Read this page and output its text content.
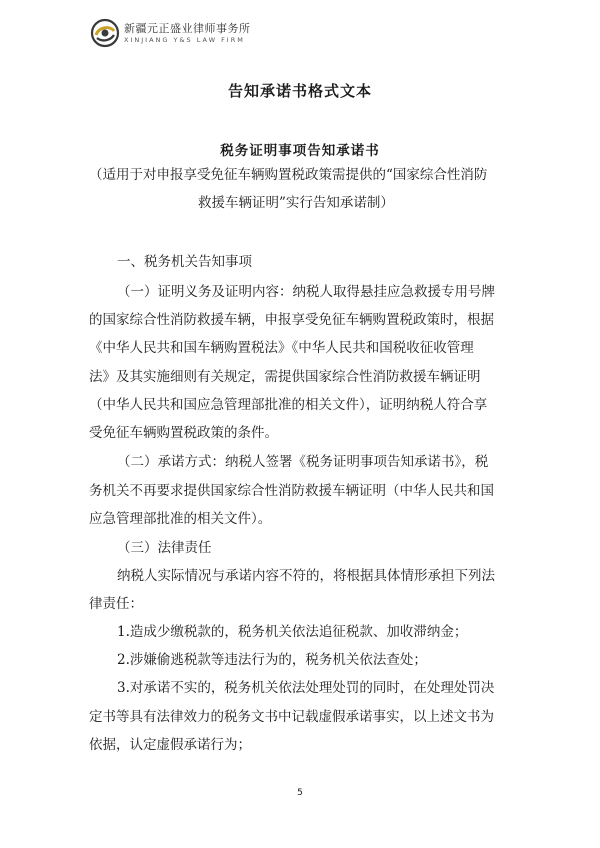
新疆元正盛业律师事务所
XINJIANG Y&S LAW FIRM
告知承诺书格式文本
税务证明事项告知承诺书
（适用于对申报享受免征车辆购置税政策需提供的“国家综合性消防
救援车辆证明”实行告知承诺制）
一、税务机关告知事项
（一）证明义务及证明内容：纳税人取得悬挂应急救援专用号牌
的国家综合性消防救援车辆，申报享受免征车辆购置税政策时，根据
《中华人民共和国车辆购置税法》《中华人民共和国税收征收管理
法》及其实施细则有关规定，需提供国家综合性消防救援车辆证明
（中华人民共和国应急管理部批准的相关文件），证明纳税人符合享
受免征车辆购置税政策的条件。
（二）承诺方式：纳税人签署《税务证明事项告知承诺书》，税
务机关不再要求提供国家综合性消防救援车辆证明（中华人民共和国
应急管理部批准的相关文件）。
（三）法律责任
纳税人实际情况与承诺内容不符的，将根据具体情形承担下列法
律责任：
1.造成少缴税款的，税务机关依法追征税款、加收滞纳金；
2.涉嫌偷逃税款等违法行为的，税务机关依法查处；
3.对承诺不实的，税务机关依法处理处罚的同时，在处理处罚决
定书等具有法律效力的税务文书中记载虚假承诺事实，以上述文书为
依据，认定虚假承诺行为；
5
